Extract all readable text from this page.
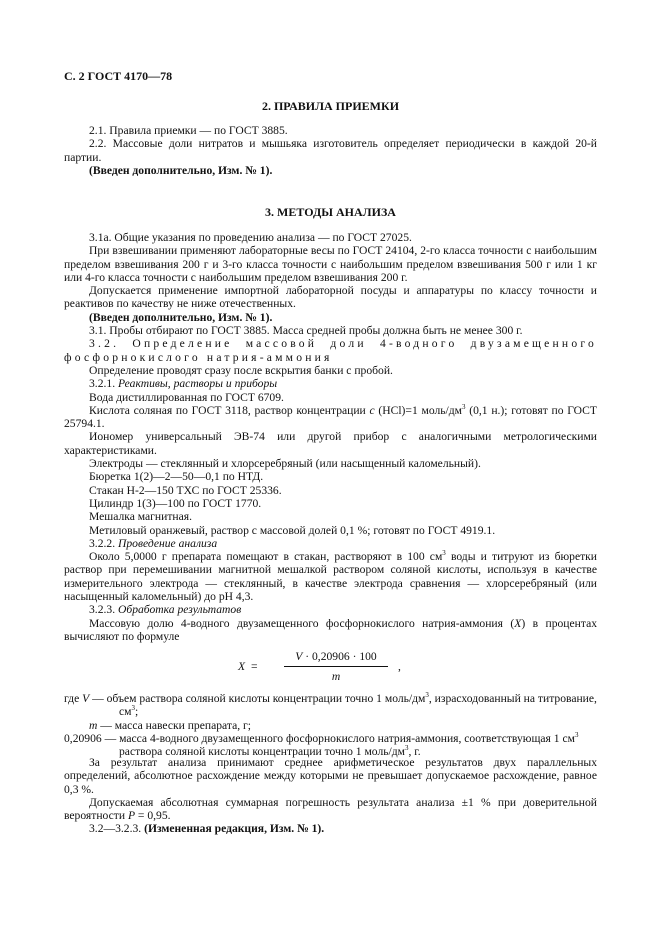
С. 2 ГОСТ 4170—78
2. ПРАВИЛА ПРИЕМКИ
2.1. Правила приемки — по ГОСТ 3885.
2.2. Массовые доли нитратов и мышьяка изготовитель определяет периодически в каждой 20-й партии.
(Введен дополнительно, Изм. № 1).
3. МЕТОДЫ АНАЛИЗА
3.1а. Общие указания по проведению анализа — по ГОСТ 27025.
При взвешивании применяют лабораторные весы по ГОСТ 24104, 2-го класса точности с наибольшим пределом взвешивания 200 г и 3-го класса точности с наибольшим пределом взвешивания 500 г или 1 кг или 4-го класса точности с наибольшим пределом взвешивания 200 г.
Допускается применение импортной лабораторной посуды и аппаратуры по классу точности и реактивов по качеству не ниже отечественных.
(Введен дополнительно, Изм. № 1).
3.1. Пробы отбирают по ГОСТ 3885. Масса средней пробы должна быть не менее 300 г.
3.2. Определение массовой доли 4-водного двузамещенного фосфорнокислого натрия-аммония
Определение проводят сразу после вскрытия банки с пробой.
3.2.1. Реактивы, растворы и приборы
Вода дистиллированная по ГОСТ 6709.
Кислота соляная по ГОСТ 3118, раствор концентрации с (HCl)=1 моль/$дм^3$ (0,1 н.); готовят по ГОСТ 25794.1.
Иономер универсальный ЭВ-74 или другой прибор с аналогичными метрологическими характеристиками.
Электроды — стеклянный и хлорсеребряный (или насыщенный каломельный).
Бюретка 1(2)—2—50—0,1 по НТД.
Стакан Н-2—150 ТХС по ГОСТ 25336.
Цилиндр 1(3)—100 по ГОСТ 1770.
Мешалка магнитная.
Метиловый оранжевый, раствор с массовой долей 0,1 %; готовят по ГОСТ 4919.1.
3.2.2. Проведение анализа
Около 5,0000 г препарата помещают в стакан, растворяют в 100 $см^3$ воды и титруют из бюретки раствор при перемешивании магнитной мешалкой раствором соляной кислоты, используя в качестве измерительного электрода — стеклянный, в качестве электрода сравнения — хлорсеребряный (или насыщенный каломельный) до pH 4,3.
3.2.3. Обработка результатов
Массовую долю 4-водного двузамещенного фосфорнокислого натрия-аммония (X) в процентах вычисляют по формуле
X =
V · 0,20906 · 100
m
,
где V — объем раствора соляной кислоты концентрации точно 1 моль/$дм^3$, израсходованный на титрование, $см^3$;
m — масса навески препарата, г;
0,20906 — масса 4-водного двузамещенного фосфорнокислого натрия-аммония, соответствующая 1 $см^3$ раствора соляной кислоты концентрации точно 1 моль/$дм^3$, г.
За результат анализа принимают среднее арифметическое результатов двух параллельных определений, абсолютное расхождение между которыми не превышает допускаемое расхождение, равное 0,3 %.
Допускаемая абсолютная суммарная погрешность результата анализа ±1 % при доверительной вероятности P = 0,95.
3.2—3.2.3. (Измененная редакция, Изм. № 1).
